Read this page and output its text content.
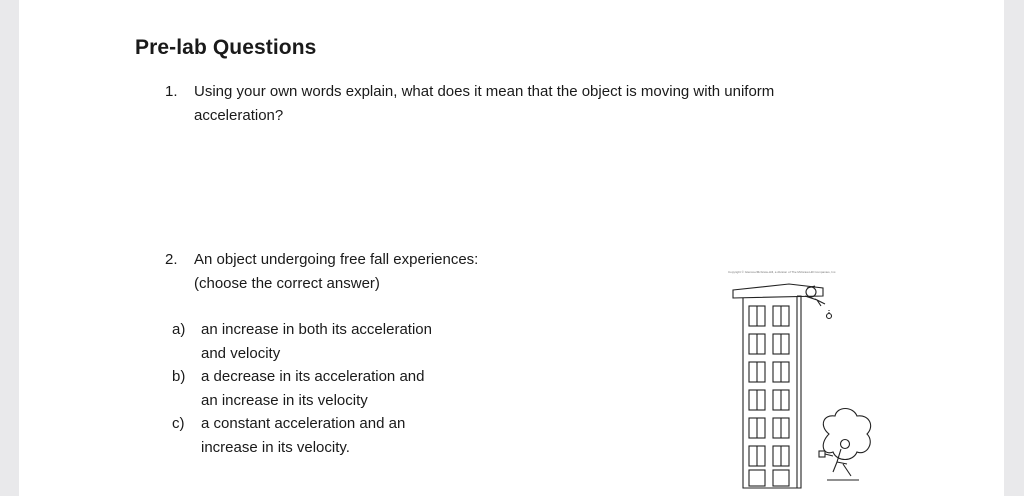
Pre-lab Questions
1. Using your own words explain, what does it mean that the object is moving with uniform
acceleration?
2. An object undergoing free fall experiences:
(choose the correct answer)
a) an increase in both its acceleration
and velocity
b) a decrease in its acceleration and
an increase in its velocity
c) a constant acceleration and an
increase in its velocity.
Copyright © Glencoe/McGraw-Hill, a division of The McGraw-Hill Companies, Inc.
